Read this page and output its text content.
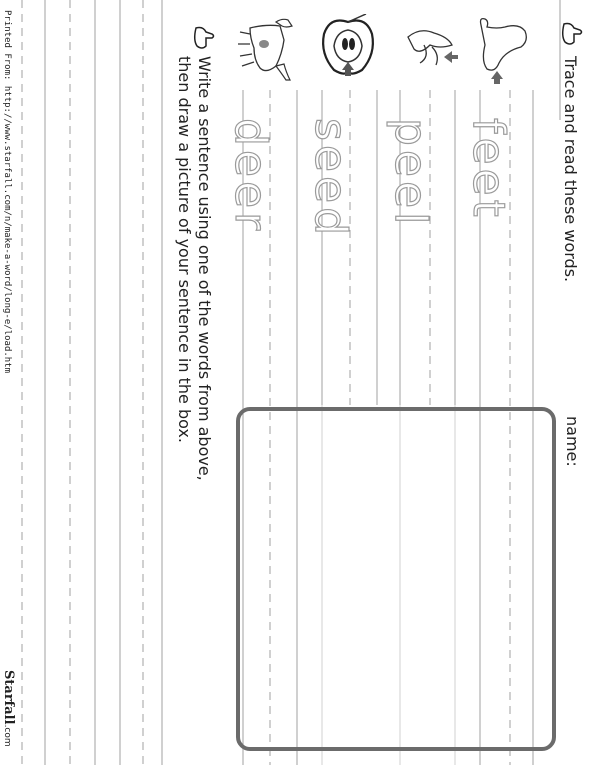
Trace and read these words.
name:
feet
peel
seed
deer
Write a sentence using one of the words from above,
then draw a picture of your sentence in the box.
Printed From: http://www.starfall.com/n/make-a-word/long-e/load.htm
Starfall.com
